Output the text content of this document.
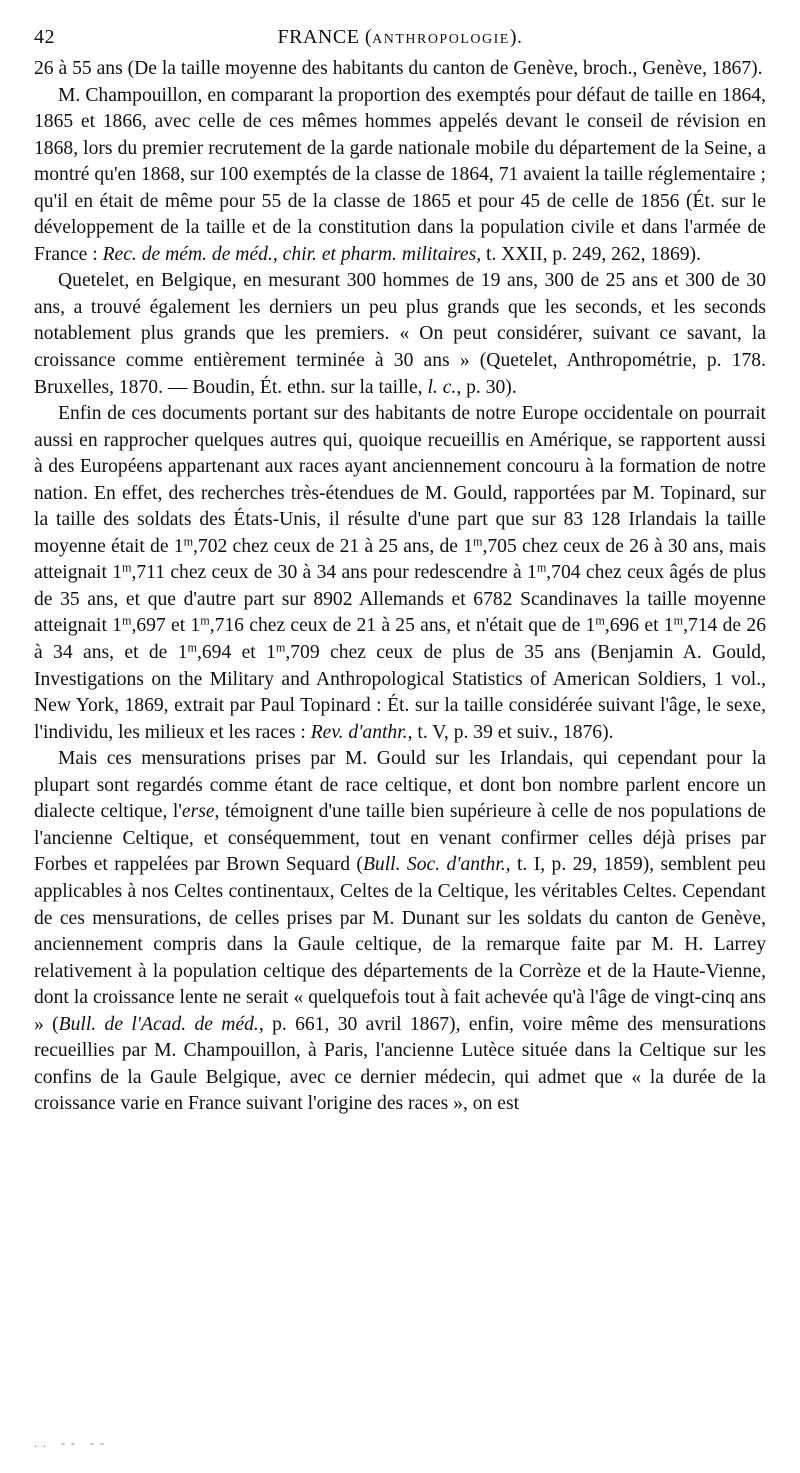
42	FRANCE (ANTHROPOLOGIE).

26 à 55 ans (De la taille moyenne des habitants du canton de Genève, broch., Genève, 1867).

M. Champouillon, en comparant la proportion des exemptés pour défaut de taille en 1864, 1865 et 1866, avec celle de ces mêmes hommes appelés devant le conseil de révision en 1868, lors du premier recrutement de la garde nationale mobile du département de la Seine, a montré qu'en 1868, sur 100 exemptés de la classe de 1864, 71 avaient la taille réglementaire ; qu'il en était de même pour 55 de la classe de 1865 et pour 45 de celle de 1856 (Ét. sur le développement de la taille et de la constitution dans la population civile et dans l'armée de France : Rec. de mém. de méd., chir. et pharm. militaires, t. XXII, p. 249, 262, 1869).

Quetelet, en Belgique, en mesurant 300 hommes de 19 ans, 300 de 25 ans et 300 de 30 ans, a trouvé également les derniers un peu plus grands que les seconds, et les seconds notablement plus grands que les premiers. « On peut considérer, suivant ce savant, la croissance comme entièrement terminée à 30 ans » (Quetelet, Anthropométrie, p. 178. Bruxelles, 1870. — Boudin, Ét. ethn. sur la taille, l. c., p. 30).

Enfin de ces documents portant sur des habitants de notre Europe occidentale on pourrait aussi en rapprocher quelques autres qui, quoique recueillis en Amérique, se rapportent aussi à des Européens appartenant aux races ayant anciennement concouru à la formation de notre nation. En effet, des recherches très-étendues de M. Gould, rapportées par M. Topinard, sur la taille des soldats des États-Unis, il résulte d'une part que sur 83 128 Irlandais la taille moyenne était de 1$^m$,702 chez ceux de 21 à 25 ans, de 1$^m$,705 chez ceux de 26 à 30 ans, mais atteignait 1$^m$,711 chez ceux de 30 à 34 ans pour redescendre à 1$^m$,704 chez ceux âgés de plus de 35 ans, et que d'autre part sur 8902 Allemands et 6782 Scandinaves la taille moyenne atteignait 1$^m$,697 et 1$^m$,716 chez ceux de 21 à 25 ans, et n'était que de 1$^m$,696 et 1$^m$,714 de 26 à 34 ans, et de 1$^m$,694 et 1$^m$,709 chez ceux de plus de 35 ans (Benjamin A. Gould, Investigations on the Military and Anthropological Statistics of American Soldiers, 1 vol., New York, 1869, extrait par Paul Topinard : Ét. sur la taille considérée suivant l'âge, le sexe, l'individu, les milieux et les races : Rev. d'anthr., t. V, p. 39 et suiv., 1876).

Mais ces mensurations prises par M. Gould sur les Irlandais, qui cependant pour la plupart sont regardés comme étant de race celtique, et dont bon nombre parlent encore un dialecte celtique, l'erse, témoignent d'une taille bien supérieure à celle de nos populations de l'ancienne Celtique, et conséquemment, tout en venant confirmer celles déjà prises par Forbes et rappelées par Brown Sequard (Bull. Soc. d'anthr., t. I, p. 29, 1859), semblent peu applicables à nos Celtes continentaux, Celtes de la Celtique, les véritables Celtes. Cependant de ces mensurations, de celles prises par M. Dunant sur les soldats du canton de Genève, anciennement compris dans la Gaule celtique, de la remarque faite par M. H. Larrey relativement à la population celtique des départements de la Corrèze et de la Haute-Vienne, dont la croissance lente ne serait « quelquefois tout à fait achevée qu'à l'âge de vingt-cinq ans » (Bull. de l'Acad. de méd., p. 661, 30 avril 1867), enfin, voire même des mensurations recueillies par M. Champouillon, à Paris, l'ancienne Lutèce située dans la Celtique sur les confins de la Gaule Belgique, avec ce dernier médecin, qui admet que « la durée de la croissance varie en France suivant l'origine des races », on est

.. -- --
